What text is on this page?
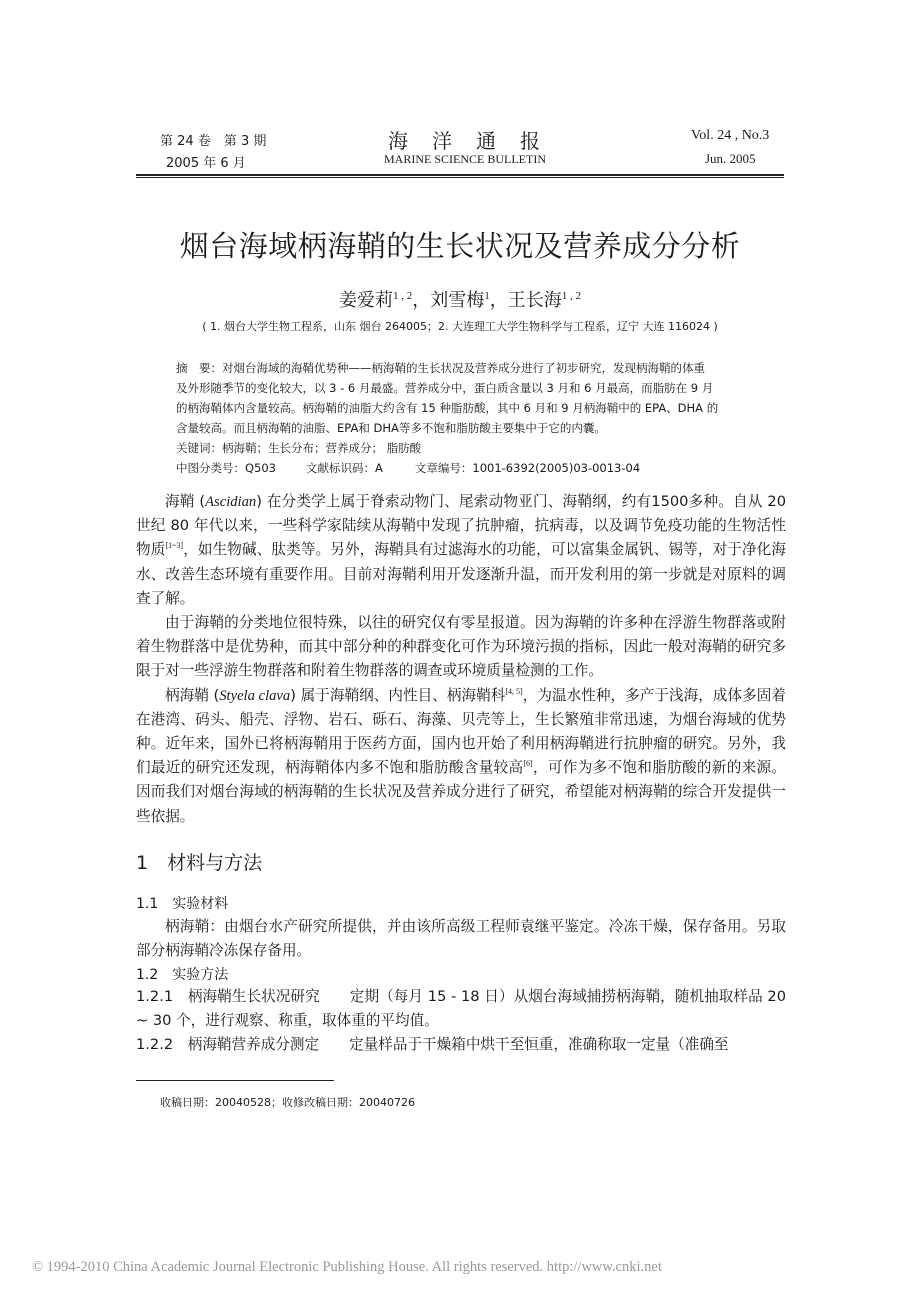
第 24 卷　第 3 期
2005 年 6 月
海　洋　通　报
MARINE SCIENCE BULLETIN
Vol. 24 , No.3
Jun. 2005
烟台海域柄海鞘的生长状况及营养成分分析
姜爱莉$^{1 , 2}$，刘雪梅$^1$，王长海$^{1 , 2}$
( 1. 烟台大学生物工程系，山东 烟台 264005；2. 大连理工大学生物科学与工程系，辽宁 大连 116024 )
摘　要：对烟台海域的海鞘优势种——柄海鞘的生长状况及营养成分进行了初步研究，发现柄海鞘的体重
及外形随季节的变化较大，以 3 - 6 月最盛。营养成分中，蛋白质含量以 3 月和 6 月最高，而脂肪在 9 月
的柄海鞘体内含量较高。柄海鞘的油脂大约含有 15 种脂肪酸，其中 6 月和 9 月柄海鞘中的 EPA、DHA 的
含量较高。而且柄海鞘的油脂、EPA和 DHA等多不饱和脂肪酸主要集中于它的内囊。
关键词：柄海鞘；生长分布；营养成分； 脂肪酸
中图分类号：Q503	文献标识码：A	文章编号：1001-6392(2005)03-0013-04

海鞘 (Ascidian) 在分类学上属于脊索动物门、尾索动物亚门、海鞘纲，约有1500多种。自从 20 世纪 80 年代以来，一些科学家陆续从海鞘中发现了抗肿瘤，抗病毒，以及调节免疫功能的生物活性物质[1~3]，如生物碱、肽类等。另外，海鞘具有过滤海水的功能，可以富集金属钒、锡等，对于净化海水、改善生态环境有重要作用。目前对海鞘利用开发逐渐升温，而开发利用的第一步就是对原料的调查了解。

由于海鞘的分类地位很特殊，以往的研究仅有零星报道。因为海鞘的许多种在浮游生物群落或附着生物群落中是优势种，而其中部分种的种群变化可作为环境污损的指标，因此一般对海鞘的研究多限于对一些浮游生物群落和附着生物群落的调查或环境质量检测的工作。

柄海鞘 (Styela clava) 属于海鞘纲、内性目、柄海鞘科[4, 5]，为温水性种，多产于浅海，成体多固着在港湾、码头、船壳、浮物、岩石、砾石、海藻、贝壳等上，生长繁殖非常迅速，为烟台海域的优势种。近年来，国外已将柄海鞘用于医药方面，国内也开始了利用柄海鞘进行抗肿瘤的研究。另外，我们最近的研究还发现，柄海鞘体内多不饱和脂肪酸含量较高[6]，可作为多不饱和脂肪酸的新的来源。因而我们对烟台海域的柄海鞘的生长状况及营养成分进行了研究，希望能对柄海鞘的综合开发提供一些依据。

1　材料与方法
1.1　实验材料

柄海鞘：由烟台水产研究所提供，并由该所高级工程师袁继平鉴定。冷冻干燥，保存备用。另取部分柄海鞘冷冻保存备用。

1.2　实验方法

1.2.1　柄海鞘生长状况研究 定期（每月 15 - 18 日）从烟台海域捕捞柄海鞘，随机抽取样品 20 ~ 30 个，进行观察、称重，取体重的平均值。

1.2.2　柄海鞘营养成分测定 定量样品于干燥箱中烘干至恒重，准确称取一定量（准确至

收稿日期：20040528；收修改稿日期：20040726
© 1994-2010 China Academic Journal Electronic Publishing House. All rights reserved. http://www.cnki.net
